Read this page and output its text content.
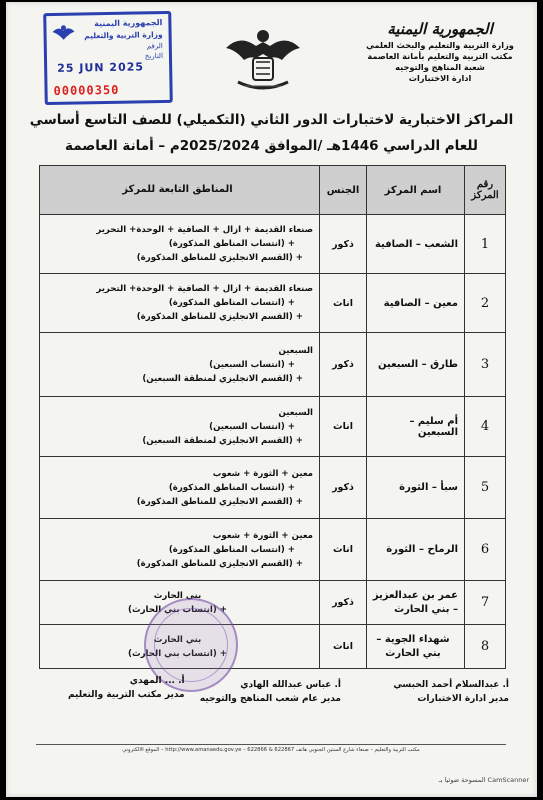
الجمهورية اليمنية
وزارة التربية والتعليم والبحث العلمي
مكتب التربية والتعليم بأمانة العاصمة
شعبة المناهج والتوجيه
ادارة الاختبارات
الجمهورية اليمنية
وزارة التربية والتعليم
الرقم
التاريخ
25 JUN 2025
00000350
المراكز الاختبارية لاختبارات الدور الثاني (التكميلي) للصف التاسع أساسي
للعام الدراسي 1446هـ /الموافق 2025/2024م – أمانة العاصمة
رقم المركز	اسم المركز	الجنس	المناطق التابعة للمركز
1	الشعب – الصافية	ذكور	صنعاء القديمة + ازال + الصافية + الوحدة+ التحرير
+ (انتساب المناطق المذكورة)
+ (القسم الانجليزي للمناطق المذكورة)

2	معين – الصافية	اناث	صنعاء القديمة + ازال + الصافية + الوحدة+ التحرير
+ (انتساب المناطق المذكورة)
+ (القسم الانجليزي للمناطق المذكورة)

3	طارق – السبعين	ذكور	السبعين
+ (انتساب السبعين)
+ (القسم الانجليزي لمنطقة السبعين)

4	أم سليم – السبعين	اناث	السبعين
+ (انتساب السبعين)
+ (القسم الانجليزي لمنطقة السبعين)

5	سبأ – الثورة	ذكور	معين + الثورة + شعوب
+ (انتساب المناطق المذكورة)
+ (القسم الانجليزي للمناطق المذكورة)

6	الرماح – الثورة	اناث	معين + الثورة + شعوب
+ (انتساب المناطق المذكورة)
+ (القسم الانجليزي للمناطق المذكورة)

7	عمر بن عبدالعزيز – بني الحارث	ذكور	بني الحارث
+ (انتساب بني الحارث)

8	شهداء الجوية – بني الحارث	اناث	بني الحارث
+ (انتساب بني الحارث)
أ. عبدالسلام أحمد الحبسي
مدير ادارة الاختبارات
أ. عباس عبدالله الهادي
مدير عام شعب المناهج والتوجيه
أ. ... المهدي
مدير مكتب التربية والتعليم
مكتب التربية والتعليم – صنعاء شارع الستين الجنوبي هاتف 622867 & 622866 – http://www.amanaedu.gov.ye – الموقع الالكتروني
CamScanner المسوحة ضوئيا بـ
